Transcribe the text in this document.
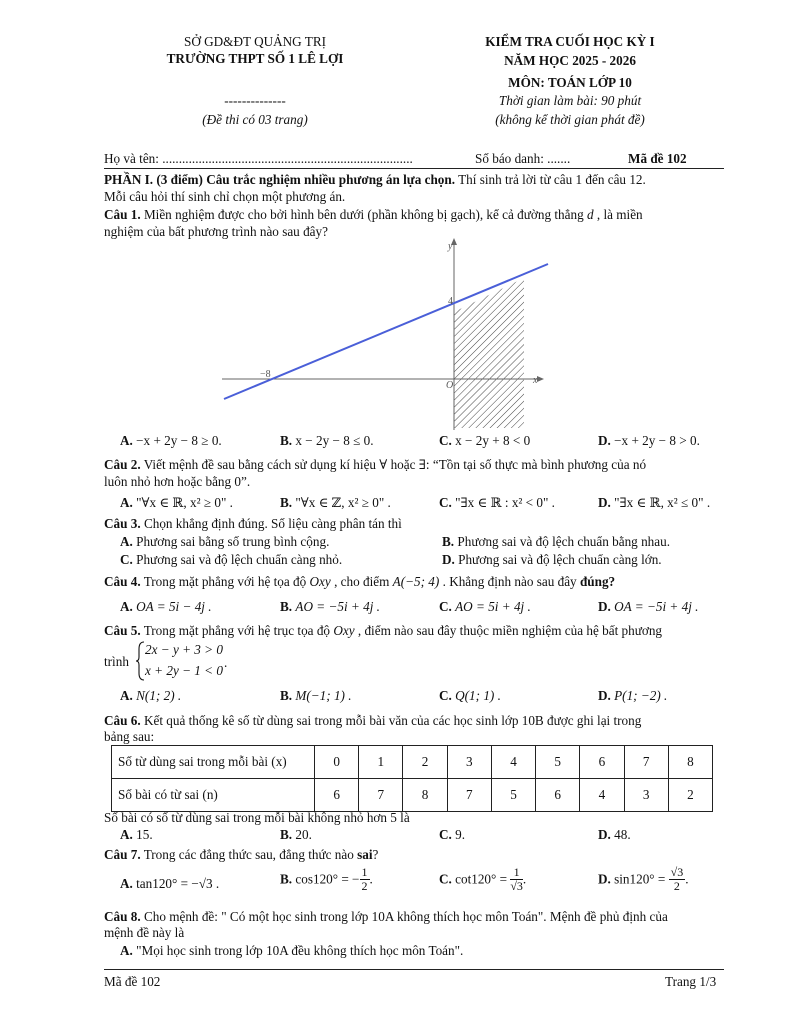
SỞ GD&ĐT QUẢNG TRỊ
TRƯỜNG THPT SỐ 1 LÊ LỢI
--------------
(Đề thi có 03 trang)
KIỂM TRA CUỐI HỌC KỲ I
NĂM HỌC 2025 - 2026
MÔN: TOÁN LỚP 10
Thời gian làm bài: 90 phút
(không kể thời gian phát đề)
Họ và tên: ............................................................................	Số báo danh: .......	Mã đề 102
PHẦN I. (3 điểm) Câu trắc nghiệm nhiều phương án lựa chọn. Thí sinh trả lời từ câu 1 đến câu 12.
Mỗi câu hỏi thí sinh chỉ chọn một phương án.
Câu 1. Miền nghiệm được cho bởi hình bên dưới (phần không bị gạch), kể cả đường thẳng d , là miền
nghiệm của bất phương trình nào sau đây?
y
x
−8
4
O
A. −x + 2y − 8 ≥ 0.	B. x − 2y − 8 ≤ 0.	C. x − 2y + 8 < 0	D. −x + 2y − 8 > 0.
Câu 2. Viết mệnh đề sau bằng cách sử dụng kí hiệu ∀ hoặc ∃: “Tồn tại số thực mà bình phương của nó
luôn nhỏ hơn hoặc bằng 0”.
A. "∀x ∈ ℝ, x² ≥ 0" .	B. "∀x ∈ ℤ, x² ≥ 0" .	C. "∃x ∈ ℝ : x² < 0" .	D. "∃x ∈ ℝ, x² ≤ 0" .
Câu 3. Chọn khẳng định đúng. Số liệu càng phân tán thì
A. Phương sai bằng số trung bình cộng.	B. Phương sai và độ lệch chuẩn bằng nhau.
C. Phương sai và độ lệch chuẩn càng nhỏ.	D. Phương sai và độ lệch chuẩn càng lớn.
Câu 4. Trong mặt phẳng với hệ tọa độ Oxy , cho điểm A(−5; 4) . Khẳng định nào sau đây đúng?
A. OA = 5i − 4j .	B. AO = −5i + 4j .	C. AO = 5i + 4j .	D. OA = −5i + 4j .
Câu 5. Trong mặt phẳng với hệ trục tọa độ Oxy , điểm nào sau đây thuộc miền nghiệm của hệ bất phương
trình
2x − y + 3 > 0
x + 2y − 1 < 0
.
A. N(1; 2) .	B. M(−1; 1) .	C. Q(1; 1) .	D. P(1; −2) .
Câu 6. Kết quả thống kê số từ dùng sai trong mỗi bài văn của các học sinh lớp 10B được ghi lại trong
bảng sau:
Số từ dùng sai trong mỗi bài (x)	0	1	2	3	4	5	6	7	8
Số bài có từ sai (n)	6	7	8	7	5	6	4	3	2
Số bài có số từ dùng sai trong mỗi bài không nhỏ hơn 5 là
A. 15.	B. 20.	C. 9.	D. 48.
Câu 7. Trong các đẳng thức sau, đẳng thức nào sai?
A. tan120° = −√3 .	B. cos120° = − $\frac{1}{2}$ .	C. $\cot 120^\circ = \frac{1}{√3}$ .	D. $\sin 120^\circ = \frac{√3}{2}$ .
Câu 8. Cho mệnh đề: " Có một học sinh trong lớp 10A không thích học môn Toán". Mệnh đề phủ định của
mệnh đề này là
A. "Mọi học sinh trong lớp 10A đều không thích học môn Toán".
Mã đề 102	Trang 1/3
